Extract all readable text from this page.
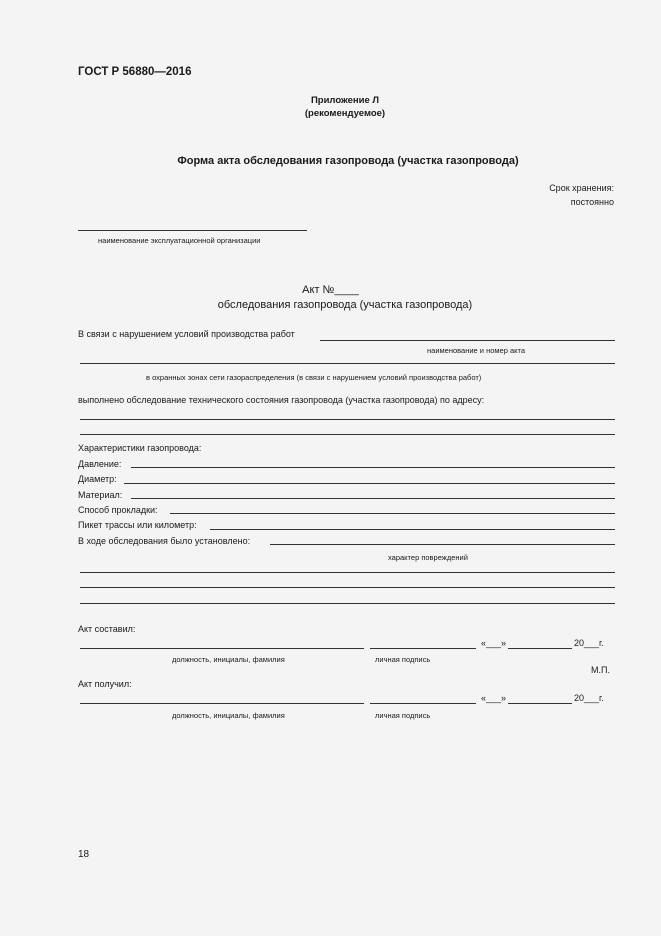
ГОСТ Р 56880—2016
Приложение Л
(рекомендуемое)
Форма акта обследования газопровода (участка газопровода)
Срок хранения:
постоянно
наименование эксплуатационной организации
Акт №____
обследования газопровода (участка газопровода)
В связи с нарушением условий производства работ
наименование и номер акта
в охранных зонах сети газораспределения (в связи с нарушением условий производства работ)
выполнено обследование технического состояния газопровода (участка газопровода) по адресу:
Характеристики газопровода:
Давление:
Диаметр:
Материал:
Способ прокладки:
Пикет трассы или километр:
В ходе обследования было установлено:
характер повреждений
Акт составил:
«___»	20___г.
должность, инициалы, фамилия	личная подпись
М.П.
Акт получил:
«___»	20___г.
должность, инициалы, фамилия	личная подпись
18
